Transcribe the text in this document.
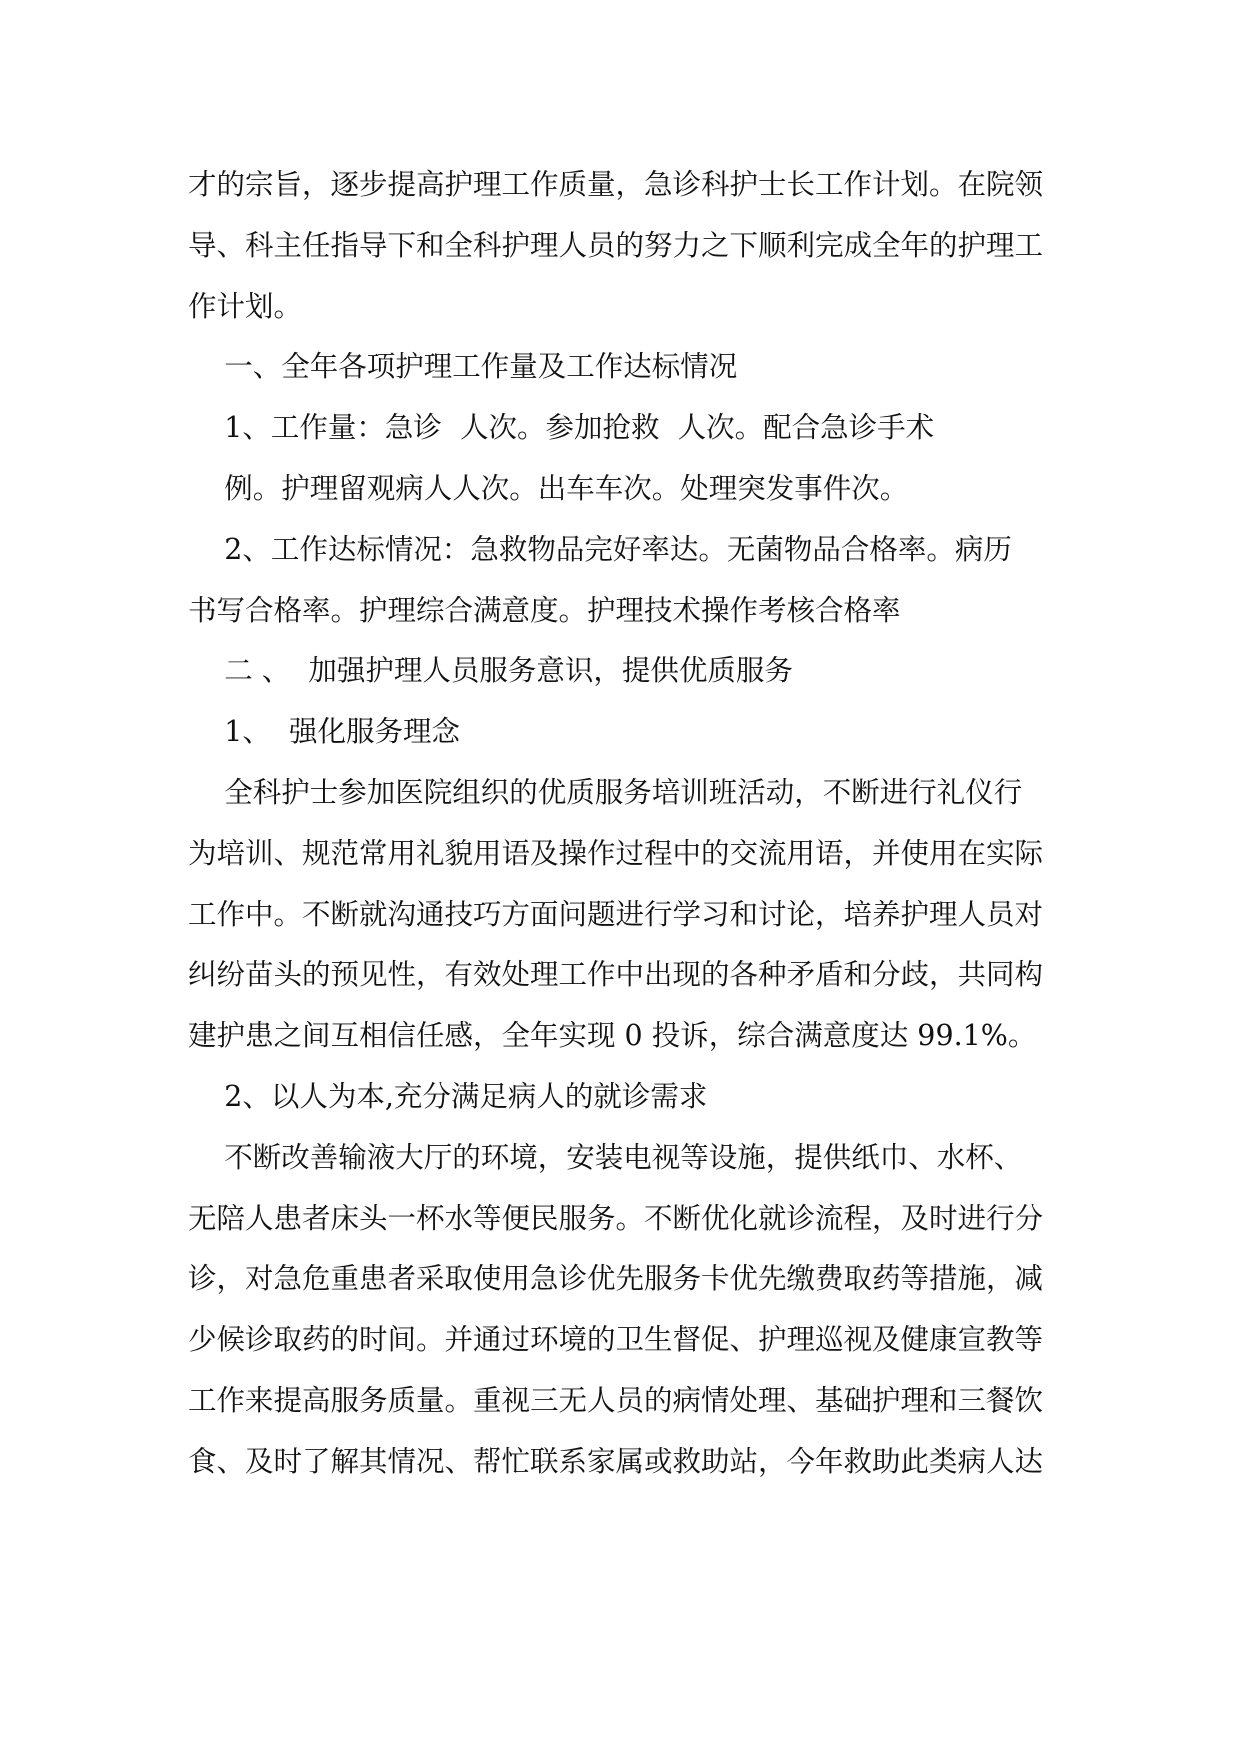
才的宗旨，逐步提高护理工作质量，急诊科护士长工作计划。在院领
导、科主任指导下和全科护理人员的努力之下顺利完成全年的护理工
作计划。
一、全年各项护理工作量及工作达标情况
1、工作量：急诊  人次。参加抢救  人次。配合急诊手术
例。护理留观病人人次。出车车次。处理突发事件次。
2、工作达标情况：急救物品完好率达。无菌物品合格率。病历
书写合格率。护理综合满意度。护理技术操作考核合格率
二 、  加强护理人员服务意识，提供优质服务
1、  强化服务理念
全科护士参加医院组织的优质服务培训班活动，不断进行礼仪行
为培训、规范常用礼貌用语及操作过程中的交流用语，并使用在实际
工作中。不断就沟通技巧方面问题进行学习和讨论，培养护理人员对
纠纷苗头的预见性，有效处理工作中出现的各种矛盾和分歧，共同构
建护患之间互相信任感，全年实现 0 投诉，综合满意度达 99.1%。
2、以人为本,充分满足病人的就诊需求
不断改善输液大厅的环境，安装电视等设施，提供纸巾、水杯、
无陪人患者床头一杯水等便民服务。不断优化就诊流程，及时进行分
诊，对急危重患者采取使用急诊优先服务卡优先缴费取药等措施，减
少候诊取药的时间。并通过环境的卫生督促、护理巡视及健康宣教等
工作来提高服务质量。重视三无人员的病情处理、基础护理和三餐饮
食、及时了解其情况、帮忙联系家属或救助站，今年救助此类病人达
